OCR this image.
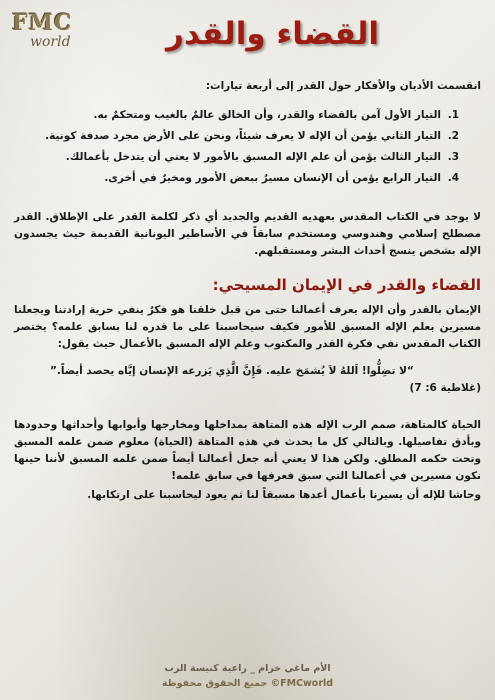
FMC
world	القضاء والقدر

انقسمت الأديان والأفكار حول القدر إلى أربعة تيارات:

1.التيار الأول آمن بالقضاء والقدر، وأن الخالق عالمٌ بالغيب ومتحكمٌ به.
2.التيار الثاني يؤمن أن الإله لا يعرف شيئاً، ونحن على الأرض مجرد صدفة كونية.
3.التيار الثالث يؤمن أن علم الإله المسبق بالأمور لا يعني أن يتدخل بأعمالك.
4.التيار الرابع يؤمن أن الإنسان مسيرٌ ببعض الأمور ومخيرٌ في أخرى.

لا يوجد في الكتاب المقدس بعهديه القديم والجديد أي ذكر لكلمة القدر على الإطلاق. القدر مصطلح إسلامي وهندوسي ومستخدم سابقاً في الأساطير اليونانية القديمة حيث يجسدون الإله بشخص ينسج أحداث البشر ومستقبلهم.

القضاء والقدر في الإيمان المسيحي:

الإيمان بالقدر وأن الإله يعرف أعمالنا حتى من قبل خلقنا هو فكرٌ ينفي حرية إرادتنا ويجعلنا مسيرين بعلم الإله المسبق للأمور فكيف سيحاسبنا على ما قدره لنا بسابق علمه؟ يختصر الكتاب المقدس نفي فكرة القدر والمكتوب وعلم الإله المسبق بالأعمال حيث يقول:

“لا تضِلُّوا! اَللهُ لاَ يُشمَخ عليه. فَإِنَّ الَّذِي يَزرعه الإنسان إيَّاه يحصد أيضاً.”

(غلاطية 6: 7)

الحياة كالمتاهة، صمم الرب الإله هذه المتاهة بمداخلها ومخارجها وأبوابها وأحداثها وحدودها وبأدق تفاصيلها. وبالتالي كل ما يحدث في هذه المتاهة (الحياة) معلوم ضمن علمه المسبق وتحت حكمه المطلق. ولكن هذا لا يعني أنه جعل أعمالنا أيضاً ضمن علمه المسبق لأننا حينها نكون مسيرين في أعمالنا التي سبق فعرفها في سابق علمه!

وحاشا للإله أن يسيرنا بأعمال أعدها مسبقاً لنا ثم يعود ليحاسبنا على ارتكابها.

الأم ماغي خزام _ راعية كنيسة الرب
جميع الحقوق محفوظة ©FMCworld
